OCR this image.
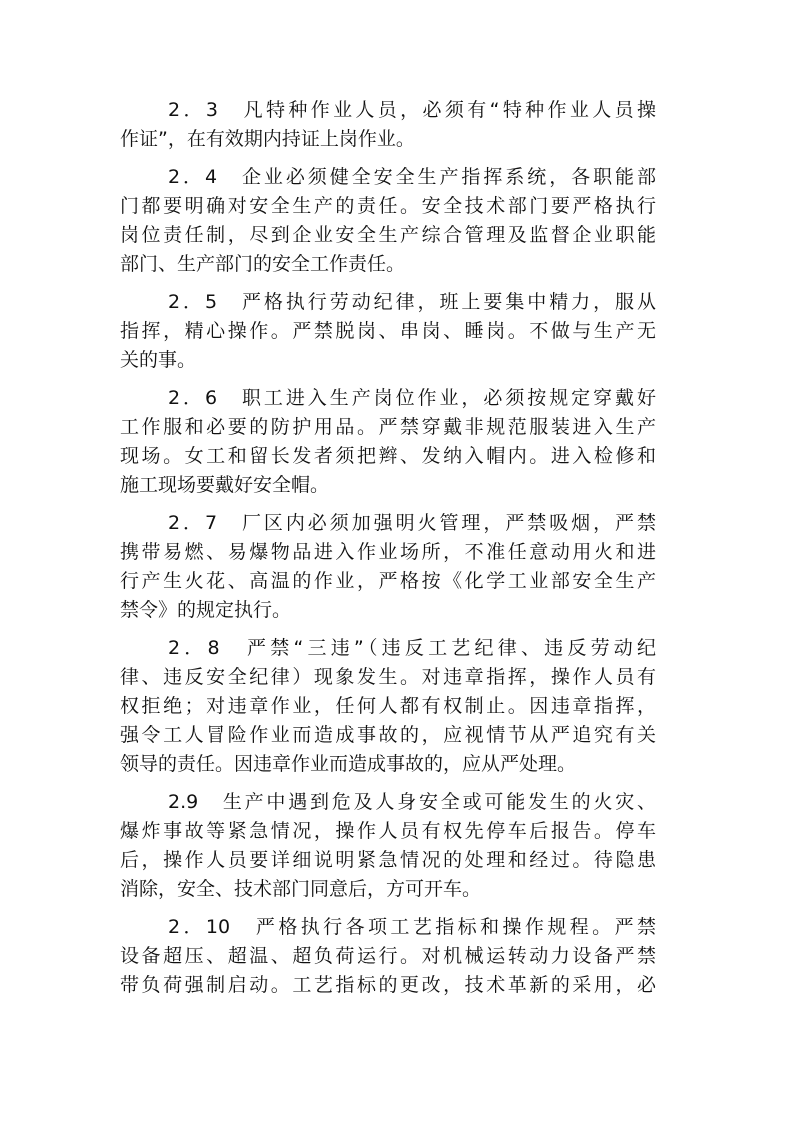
2．3　凡特种作业人员，必须有“特种作业人员操
作证”，在有效期内持证上岗作业。
2．4　企业必须健全安全生产指挥系统，各职能部
门都要明确对安全生产的责任。安全技术部门要严格执行
岗位责任制，尽到企业安全生产综合管理及监督企业职能
部门、生产部门的安全工作责任。
2．5　严格执行劳动纪律，班上要集中精力，服从
指挥，精心操作。严禁脱岗、串岗、睡岗。不做与生产无
关的事。
2．6　职工进入生产岗位作业，必须按规定穿戴好
工作服和必要的防护用品。严禁穿戴非规范服装进入生产
现场。女工和留长发者须把辫、发纳入帽内。进入检修和
施工现场要戴好安全帽。
2．7　厂区内必须加强明火管理，严禁吸烟，严禁
携带易燃、易爆物品进入作业场所，不准任意动用火和进
行产生火花、高温的作业，严格按《化学工业部安全生产
禁令》的规定执行。
2．8　严禁“三违”（违反工艺纪律、违反劳动纪
律、违反安全纪律）现象发生。对违章指挥，操作人员有
权拒绝；对违章作业，任何人都有权制止。因违章指挥，
强令工人冒险作业而造成事故的，应视情节从严追究有关
领导的责任。因违章作业而造成事故的，应从严处理。
2.9　生产中遇到危及人身安全或可能发生的火灾、
爆炸事故等紧急情况，操作人员有权先停车后报告。停车
后，操作人员要详细说明紧急情况的处理和经过。待隐患
消除，安全、技术部门同意后，方可开车。
2．10　严格执行各项工艺指标和操作规程。严禁
设备超压、超温、超负荷运行。对机械运转动力设备严禁
带负荷强制启动。工艺指标的更改，技术革新的采用，必
